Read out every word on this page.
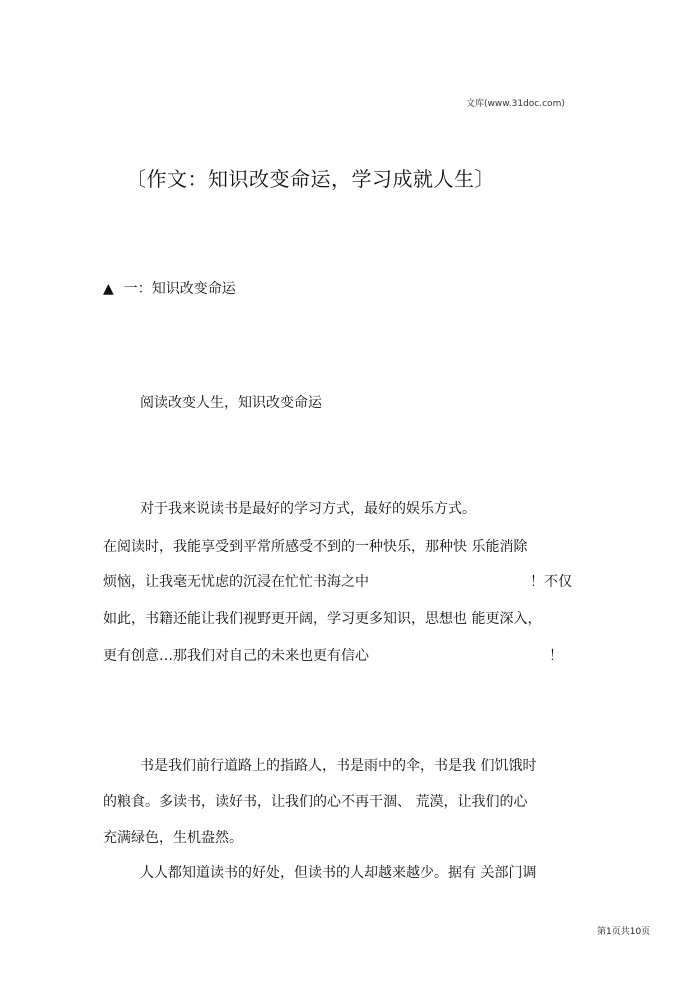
文库(www.31doc.com)
〔作文：知识改变命运，学习成就人生〕
▲ 一：知识改变命运
阅读改变人生，知识改变命运
对于我来说读书是最好的学习方式，最好的娱乐方式。
在阅读时，我能享受到平常所感受不到的一种快乐，那种快 乐能消除
烦恼，让我毫无忧虑的沉浸在忙忙书海之中	！不仅
如此，书籍还能让我们视野更开阔，学习更多知识，思想也 能更深入，
更有创意…那我们对自己的未来也更有信心	！
书是我们前行道路上的指路人，书是雨中的伞，书是我 们饥饿时
的粮食。多读书，读好书，让我们的心不再干涸、 荒漠，让我们的心
充满绿色，生机盎然。
人人都知道读书的好处，但读书的人却越来越少。据有 关部门调
第1页共10页
